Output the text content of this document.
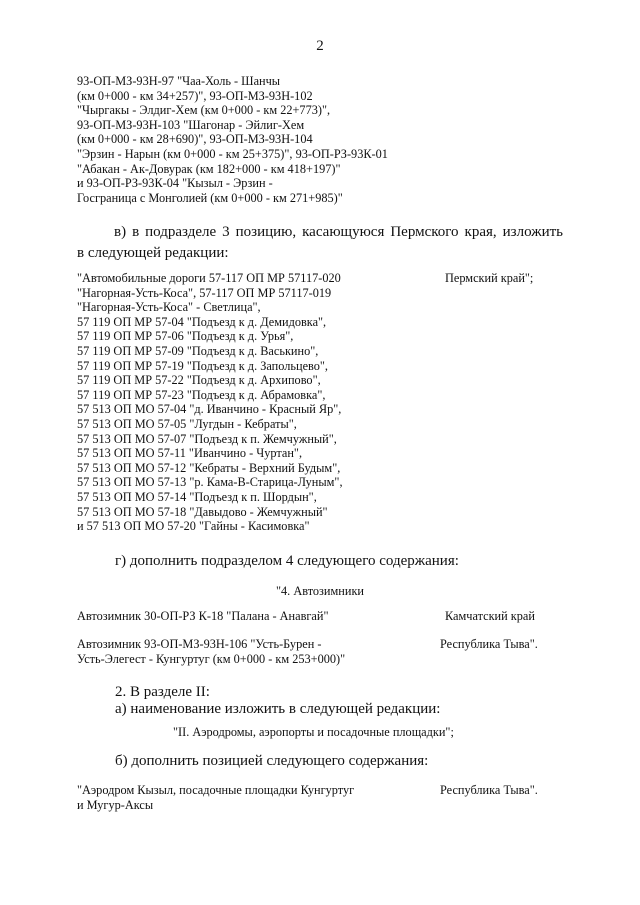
2
93-ОП-МЗ-93Н-97 "Чаа-Холь - Шанчы
(км 0+000 - км 34+257)", 93-ОП-МЗ-93Н-102
"Чыргакы - Элдиг-Хем (км 0+000 - км 22+773)",
93-ОП-МЗ-93Н-103 "Шагонар - Эйлиг-Хем
(км 0+000 - км 28+690)", 93-ОП-МЗ-93Н-104
"Эрзин - Нарын (км 0+000 - км 25+375)", 93-ОП-РЗ-93К-01
"Абакан - Ак-Довурак (км 182+000 - км 418+197)"
и 93-ОП-РЗ-93К-04 "Кызыл - Эрзин -
Госграница с Монголией (км 0+000 - км 271+985)"
в) в подразделе 3 позицию, касающуюся Пермского края, изложить
в следующей редакции:
"Автомобильные дороги 57-117 ОП МР 57117-020
"Нагорная-Усть-Коса", 57-117 ОП МР 57117-019
"Нагорная-Усть-Коса" - Светлица",
57 119 ОП МР 57-04 "Подъезд к д. Демидовка",
57 119 ОП МР 57-06 "Подъезд к д. Урья",
57 119 ОП МР 57-09 "Подъезд к д. Васькино",
57 119 ОП МР 57-19 "Подъезд к д. Запольцево",
57 119 ОП МР 57-22 "Подъезд к д. Архипово",
57 119 ОП МР 57-23 "Подъезд к д. Абрамовка",
57 513 ОП МО 57-04 "д. Иванчино - Красный Яр",
57 513 ОП МО 57-05 "Лугдын - Кебраты",
57 513 ОП МО 57-07 "Подъезд к п. Жемчужный",
57 513 ОП МО 57-11 "Иванчино - Чуртан",
57 513 ОП МО 57-12 "Кебраты - Верхний Будым",
57 513 ОП МО 57-13 "р. Кама-В-Старица-Луным",
57 513 ОП МО 57-14 "Подъезд к п. Шордын",
57 513 ОП МО 57-18 "Давыдово - Жемчужный"
и 57 513 ОП МО 57-20 "Гайны - Касимовка"
Пермский край";
г) дополнить подразделом 4 следующего содержания:
"4. Автозимники
Автозимник 30-ОП-РЗ К-18 "Палана - Анавгай"	Камчатский край
Автозимник 93-ОП-МЗ-93Н-106 "Усть-Бурен -
Усть-Элегест - Кунгуртуг (км 0+000 - км 253+000)"
Республика Тыва".
2. В разделе II:
а) наименование изложить в следующей редакции:
"II. Аэродромы, аэропорты и посадочные площадки";
б) дополнить позицией следующего содержания:
"Аэродром Кызыл, посадочные площадки Кунгуртуг
и Мугур-Аксы
Республика Тыва".
